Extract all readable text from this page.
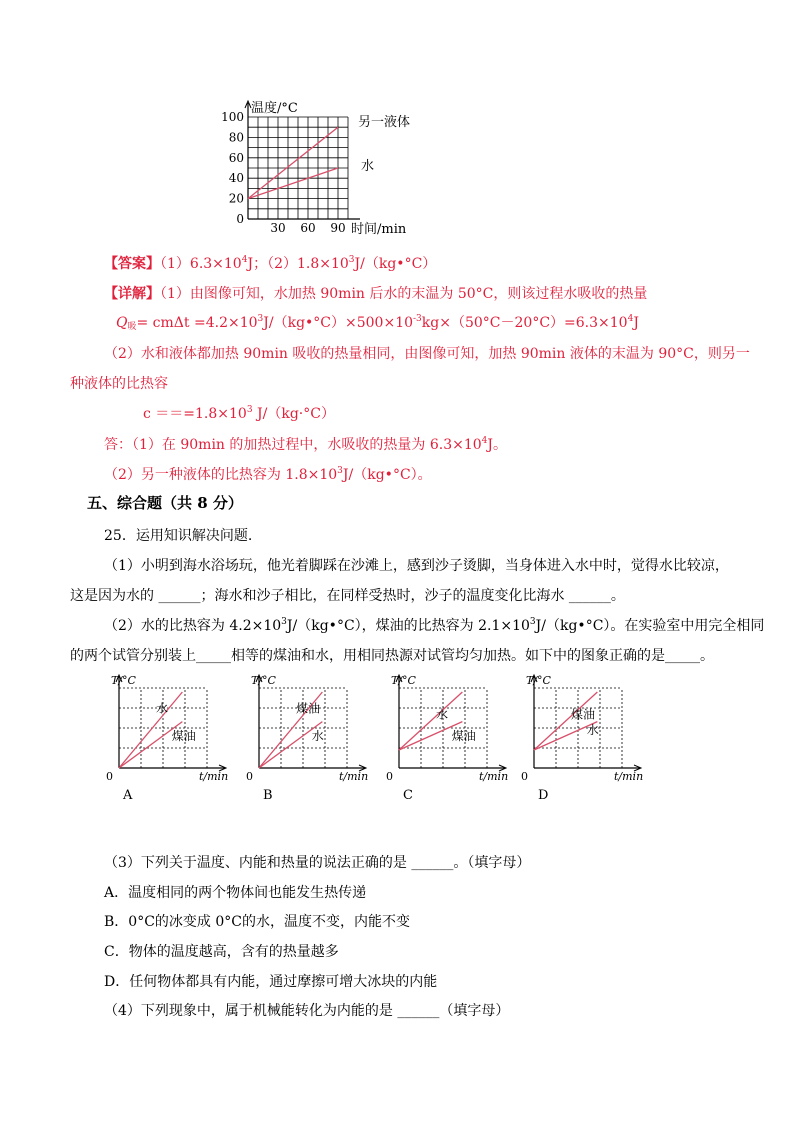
0
20
40
60
80
100
30 60 90
温度/°C
时间/min
另一液体
水
【答案】$(1)6.3\times 10^4J$；$(2)1.8\times 10^3J/(kg•^\circ C)$
【详解】（1）由图像可知，水加热 90min 后水的末温为 50°C，则该过程水吸收的热量
$Q_吸= cm\Delta t$ $=4.2\times 10^3J/(kg•^\circ C)\times 500\times 10^{-3}kg\times(50^\circ C-20^\circ C)=6.3\times 10^4J$
（2）水和液体都加热 90min 吸收的热量相同，由图像可知，加热 90min 液体的末温为 90°C，则另一
种液体的比热容
$c ===1.8\times 10^3$ J/（kg·°C）
答：（1）在 90min 的加热过程中，水吸收的热量为 $6.3\times 10^4J$。
（2）另一种液体的比热容为 $1.8\times 10^3J/(kg•^\circ C)$。
五、综合题（共 8 分）
25．运用知识解决问题.
（1）小明到海水浴场玩，他光着脚踩在沙滩上，感到沙子烫脚，当身体进入水中时，觉得水比较凉，
这是因为水的 ______；海水和沙子相比，在同样受热时，沙子的温度变化比海水 ______。
（2）水的比热容为 $4.2\times 10^3J/(kg•^\circ C)$，煤油的比热容为 $2.1\times 10^3J/(kg•^\circ C)$。在实验室中用完全相同
的两个试管分别装上_____相等的煤油和水，用相同热源对试管均匀加热。如下中的图象正确的是_____。
T/°C
t/min
0
水
煤油
A
T/°C
t/min
0
煤油
水
B
T/°C
t/min
0
水
煤油
C
T/°C
t/min
0
煤油
水
D
（3）下列关于温度、内能和热量的说法正确的是 ______。（填字母）
A．温度相同的两个物体间也能发生热传递
B．0°C的冰变成 0°C的水，温度不变，内能不变
C．物体的温度越高，含有的热量越多
D．任何物体都具有内能，通过摩擦可增大冰块的内能
（4）下列现象中，属于机械能转化为内能的是 ______（填字母）
